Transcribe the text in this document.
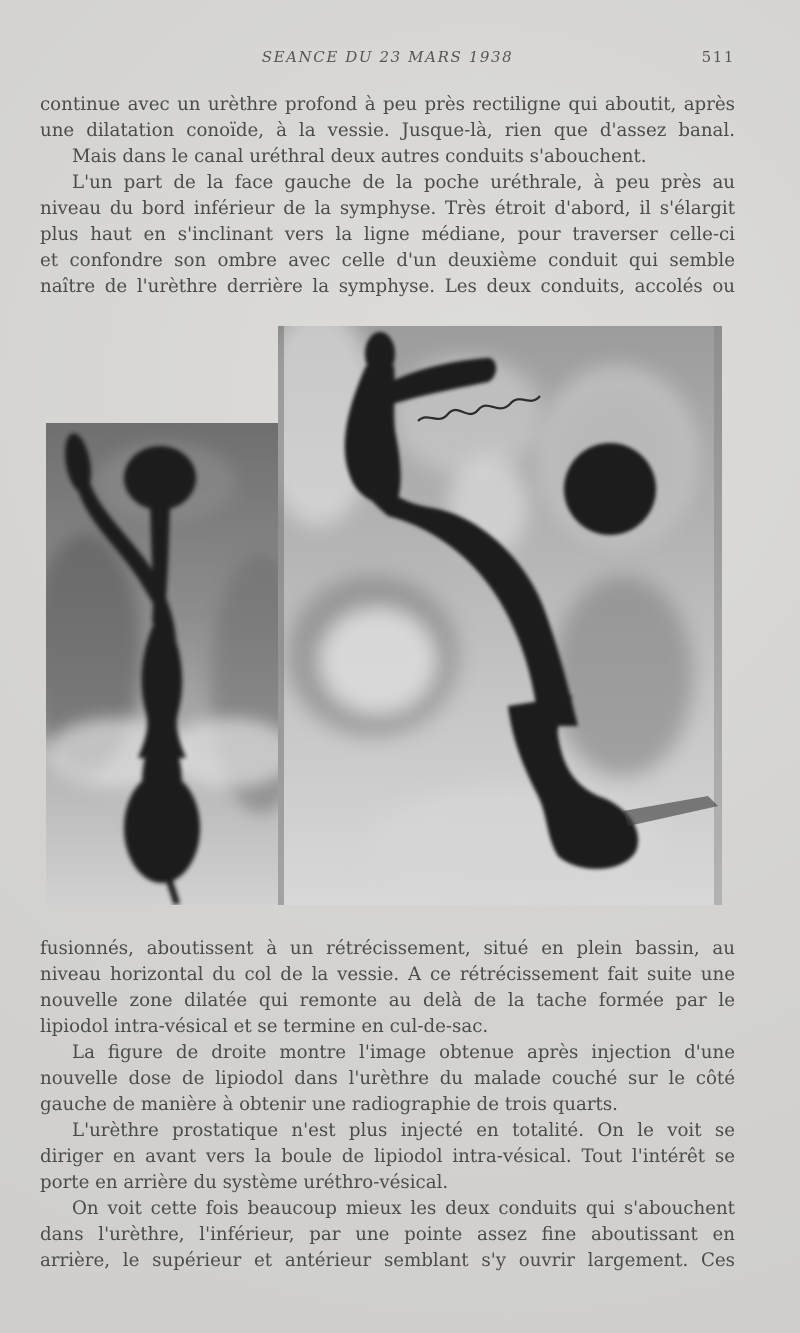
SEANCE DU 23 MARS 1938	511

continue avec un urèthre profond à peu près rectiligne qui aboutit, après

une dilatation conoïde, à la vessie. Jusque-là, rien que d'assez banal.

Mais dans le canal uréthral deux autres conduits s'abouchent.

L'un part de la face gauche de la poche uréthrale, à peu près au

niveau du bord inférieur de la symphyse. Très étroit d'abord, il s'élargit

plus haut en s'inclinant vers la ligne médiane, pour traverser celle-ci

et confondre son ombre avec celle d'un deuxième conduit qui semble

naître de l'urèthre derrière la symphyse. Les deux conduits, accolés ou

fusionnés, aboutissent à un rétrécissement, situé en plein bassin, au

niveau horizontal du col de la vessie. A ce rétrécissement fait suite une

nouvelle zone dilatée qui remonte au delà de la tache formée par le

lipiodol intra-vésical et se termine en cul-de-sac.

La figure de droite montre l'image obtenue après injection d'une

nouvelle dose de lipiodol dans l'urèthre du malade couché sur le côté

gauche de manière à obtenir une radiographie de trois quarts.

L'urèthre prostatique n'est plus injecté en totalité. On le voit se

diriger en avant vers la boule de lipiodol intra-vésical. Tout l'intérêt se

porte en arrière du système uréthro-vésical.

On voit cette fois beaucoup mieux les deux conduits qui s'abouchent

dans l'urèthre, l'inférieur, par une pointe assez fine aboutissant en

arrière, le supérieur et antérieur semblant s'y ouvrir largement. Ces
